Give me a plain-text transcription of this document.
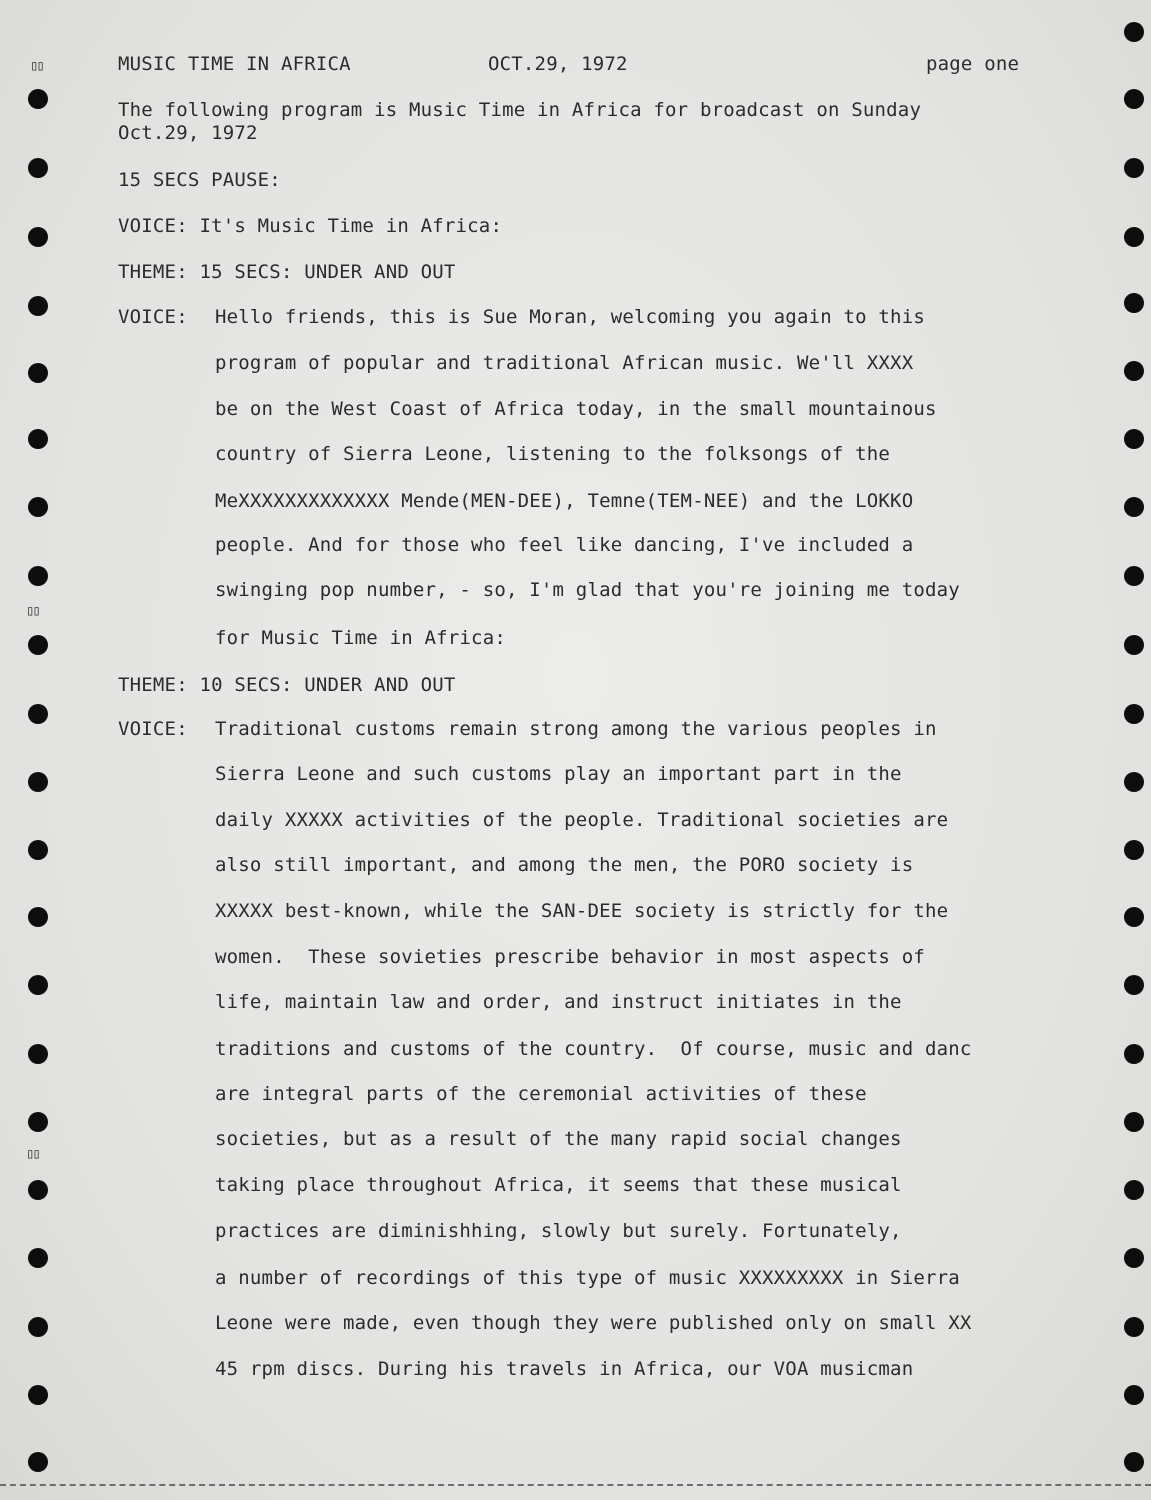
▯▯
▯▯
▯▯
MUSIC TIME IN AFRICA	OCT.29, 1972	page one
The following program is Music Time in Africa for broadcast on Sunday
Oct.29, 1972
15 SECS PAUSE:
VOICE: It's Music Time in Africa:
THEME: 15 SECS: UNDER AND OUT
VOICE: Hello friends, this is Sue Moran, welcoming you again to this
program of popular and traditional African music. We'll XXXX
be on the West Coast of Africa today, in the small mountainous
country of Sierra Leone, listening to the folksongs of the
MeXXXXXXXXXXXXX Mende(MEN-DEE), Temne(TEM-NEE) and the LOKKO
people. And for those who feel like dancing, I've included a
swinging pop number, - so, I'm glad that you're joining me today
for Music Time in Africa:
THEME: 10 SECS: UNDER AND OUT
VOICE: Traditional customs remain strong among the various peoples in
Sierra Leone and such customs play an important part in the
daily XXXXX activities of the people. Traditional societies are
also still important, and among the men, the PORO society is
XXXXX best-known, while the SAN-DEE society is strictly for the
women.  These sovieties prescribe behavior in most aspects of
life, maintain law and order, and instruct initiates in the
traditions and customs of the country.  Of course, music and danc
are integral parts of the ceremonial activities of these
societies, but as a result of the many rapid social changes
taking place throughout Africa, it seems that these musical
practices are diminishhing, slowly but surely. Fortunately,
a number of recordings of this type of music XXXXXXXXX in Sierra
Leone were made, even though they were published only on small XX
45 rpm discs. During his travels in Africa, our VOA musicman
